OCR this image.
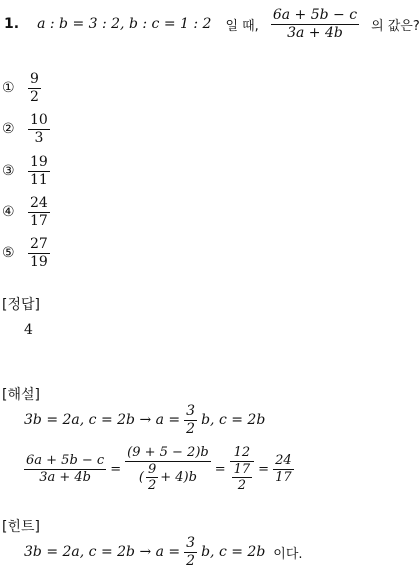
1. a : b = 3 : 2, b : c = 1 : 2 일 때, $\frac{6a + 5b - c}{3a + 4b}$ 의 값은?
① $\frac{9}{2}$
② $\frac{10}{3}$
③ $\frac{19}{11}$
④ $\frac{24}{17}$
⑤ $\frac{27}{19}$
[정답]
4
[해설]
3b = 2a, $c = 2b \to a = \frac{3}{2} b$, c = 2b
$\frac{6a + 5b - c}{3a + 4b} = \frac{(9 + 5 - 2)b}{( \frac{9}{2} + 4)b} = \frac{12}{\frac{17}{2}} = \frac{24}{17}$
[힌트]
3b = 2a, $c = 2b \to a = \frac{3}{2} b$, c = 2b 이다.
